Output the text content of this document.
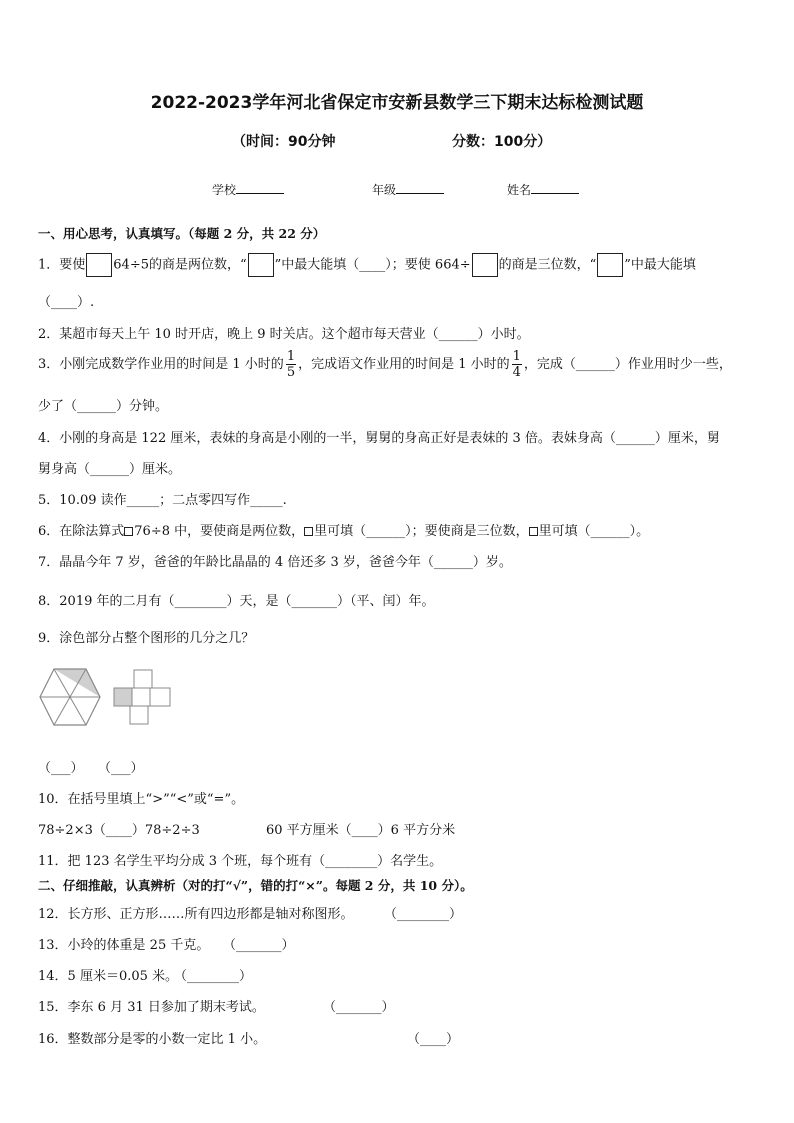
2022-2023学年河北省保定市安新县数学三下期末达标检测试题
（时间：90分钟	分数：100分）
学校	年级	姓名
一、用心思考，认真填写。（每题 2 分，共 22 分）
1．要使 64÷5的商是两位数，“ ”中最大能填（____）；要使 664÷ 的商是三位数，“ ”中最大能填
（____）.
2．某超市每天上午 10 时开店，晚上 9 时关店。这个超市每天营业（______）小时。
3．小刚完成数学作业用的时间是 1 小时的 $\frac{1}{5}$ ，完成语文作业用的时间是 1 小时的 $\frac{1}{4}$ ，完成（______）作业用时少一些，
少了（______）分钟。
4．小刚的身高是 122 厘米，表妹的身高是小刚的一半，舅舅的身高正好是表妹的 3 倍。表妹身高（______）厘米，舅
舅身高（______）厘米。
5．10.09 读作_____；二点零四写作_____.
6．在除法算式 76÷8 中，要使商是两位数， 里可填（______）；要使商是三位数， 里可填（______）。
7．晶晶今年 7 岁，爸爸的年龄比晶晶的 4 倍还多 3 岁，爸爸今年（______）岁。
8．2019 年的二月有（________）天，是（_______）（平、闰）年。
9．涂色部分占整个图形的几分之几？
（___） （___）
10．在括号里填上“>”“<”或“=”。
78÷2×3（____）78÷2÷3	60 平方厘米（____）6 平方分米
11．把 123 名学生平均分成 3 个班，每个班有（________）名学生。
二、仔细推敲，认真辨析（对的打“√”，错的打“×”。每题 2 分，共 10 分）。
12．长方形、正方形……所有四边形都是轴对称图形。 （________）
13．小玲的体重是 25 千克。 （_______）
14．5 厘米＝0.05 米。
（________）
15．李东 6 月 31 日参加了期末考试。	（_______）
16．整数部分是零的小数一定比 1 小。	（____）
